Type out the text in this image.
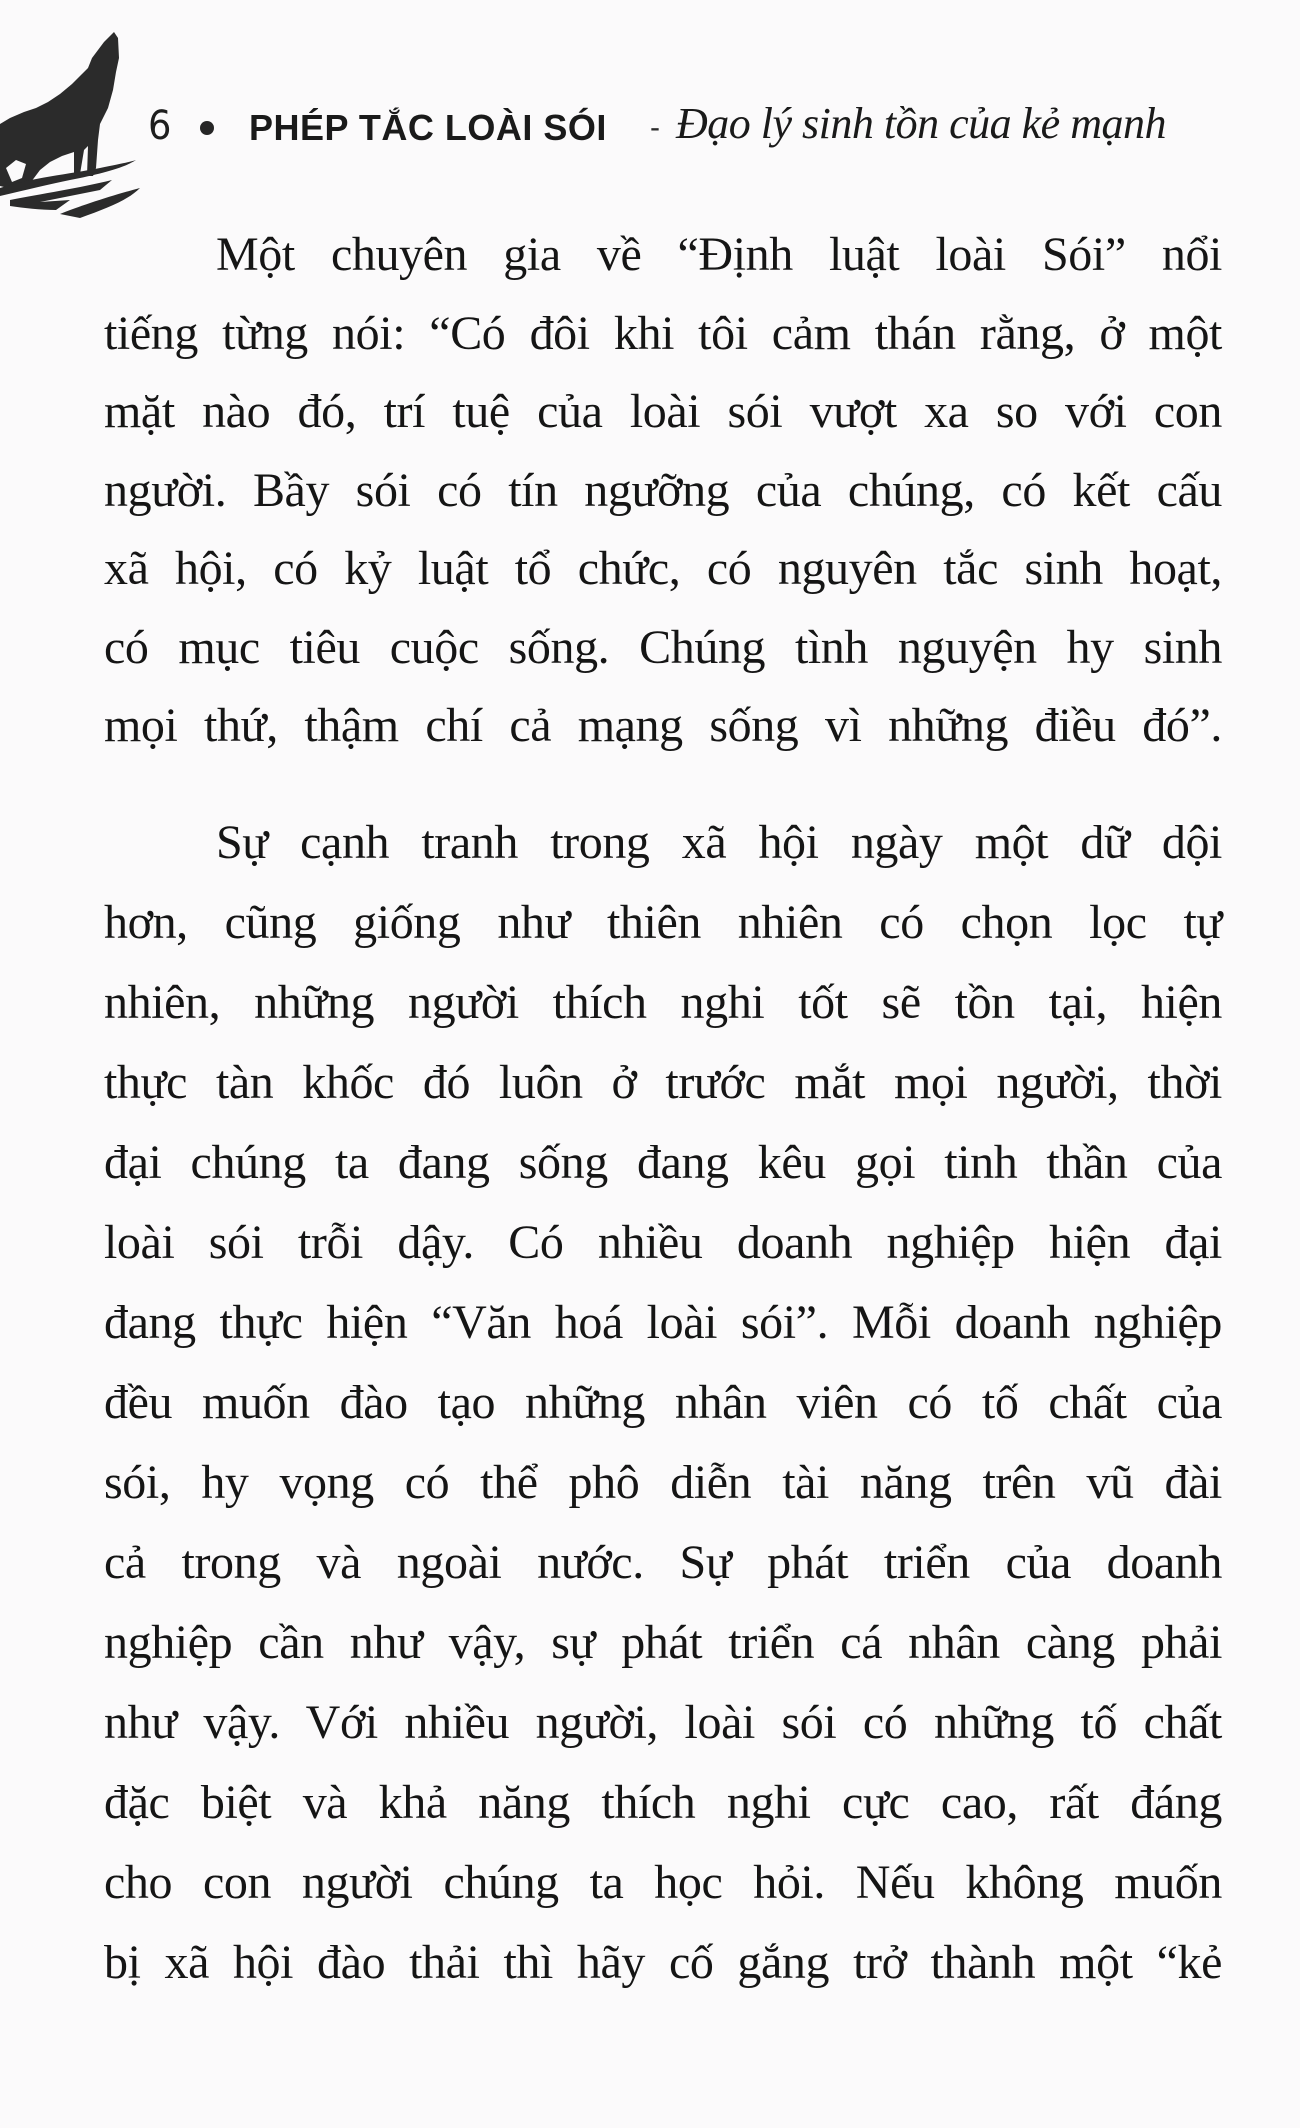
6 PHÉP TẮC LOÀI SÓI - Đạo lý sinh tồn của kẻ mạnh
Một chuyên gia về “Định luật loài Sói” nổi
tiếng từng nói: “Có đôi khi tôi cảm thán rằng, ở một
mặt nào đó, trí tuệ của loài sói vượt xa so với con
người. Bầy sói có tín ngưỡng của chúng, có kết cấu
xã hội, có kỷ luật tổ chức, có nguyên tắc sinh hoạt,
có mục tiêu cuộc sống. Chúng tình nguyện hy sinh
mọi thứ, thậm chí cả mạng sống vì những điều đó”.
Sự cạnh tranh trong xã hội ngày một dữ dội
hơn, cũng giống như thiên nhiên có chọn lọc tự
nhiên, những người thích nghi tốt sẽ tồn tại, hiện
thực tàn khốc đó luôn ở trước mắt mọi người, thời
đại chúng ta đang sống đang kêu gọi tinh thần của
loài sói trỗi dậy. Có nhiều doanh nghiệp hiện đại
đang thực hiện “Văn hoá loài sói”. Mỗi doanh nghiệp
đều muốn đào tạo những nhân viên có tố chất của
sói, hy vọng có thể phô diễn tài năng trên vũ đài
cả trong và ngoài nước. Sự phát triển của doanh
nghiệp cần như vậy, sự phát triển cá nhân càng phải
như vậy. Với nhiều người, loài sói có những tố chất
đặc biệt và khả năng thích nghi cực cao, rất đáng
cho con người chúng ta học hỏi. Nếu không muốn
bị xã hội đào thải thì hãy cố gắng trở thành một “kẻ
